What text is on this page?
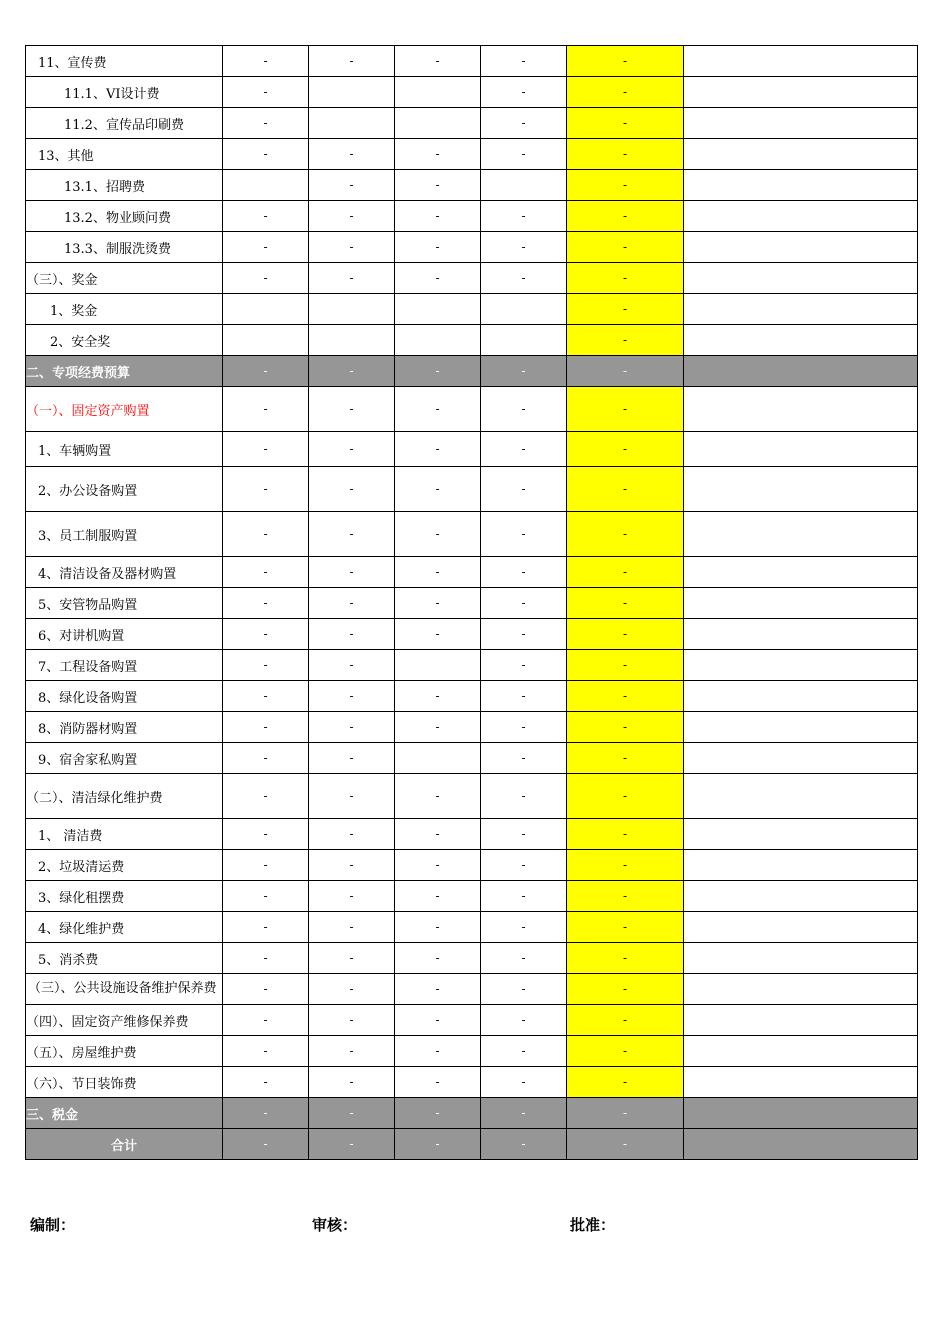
11、宣传费	-	-	-	-	-	
11.1、VI设计费	-			-	-	
11.2、宣传品印刷费	-			-	-	
13、其他	-	-	-	-	-	
13.1、招聘费		-	-		-	
13.2、物业顾问费	-	-	-	-	-	
13.3、制服洗烫费	-	-	-	-	-	
（三）、奖金	-	-	-	-	-	
1、奖金					-	
2、安全奖					-	
二、专项经费预算	-	-	-	-	-	
（一）、固定资产购置	-	-	-	-	-	
1、车辆购置	-	-	-	-	-	
2、办公设备购置	-	-	-	-	-	
3、员工制服购置	-	-	-	-	-	
4、清洁设备及器材购置	-	-	-	-	-	
5、安管物品购置	-	-	-	-	-	
6、对讲机购置	-	-	-	-	-	
7、工程设备购置	-	-		-	-	
8、绿化设备购置	-	-	-	-	-	
8、消防器材购置	-	-	-	-	-	
9、宿舍家私购置	-	-		-	-	
（二）、清洁绿化维护费	-	-	-	-	-	
1、 清洁费	-	-	-	-	-	
2、垃圾清运费	-	-	-	-	-	
3、绿化租摆费	-	-	-	-	-	
4、绿化维护费	-	-	-	-	-	
5、消杀费	-	-	-	-	-	
（三）、公共设施设备维护保养费	-	-	-	-	-	
（四）、固定资产维修保养费	-	-	-	-	-	
（五）、房屋维护费	-	-	-	-	-	
（六）、节日装饰费	-	-	-	-	-	
三、税金	-	-	-	-	-	
合计	-	-	-	-	-	
编制：	审核：	批准：
